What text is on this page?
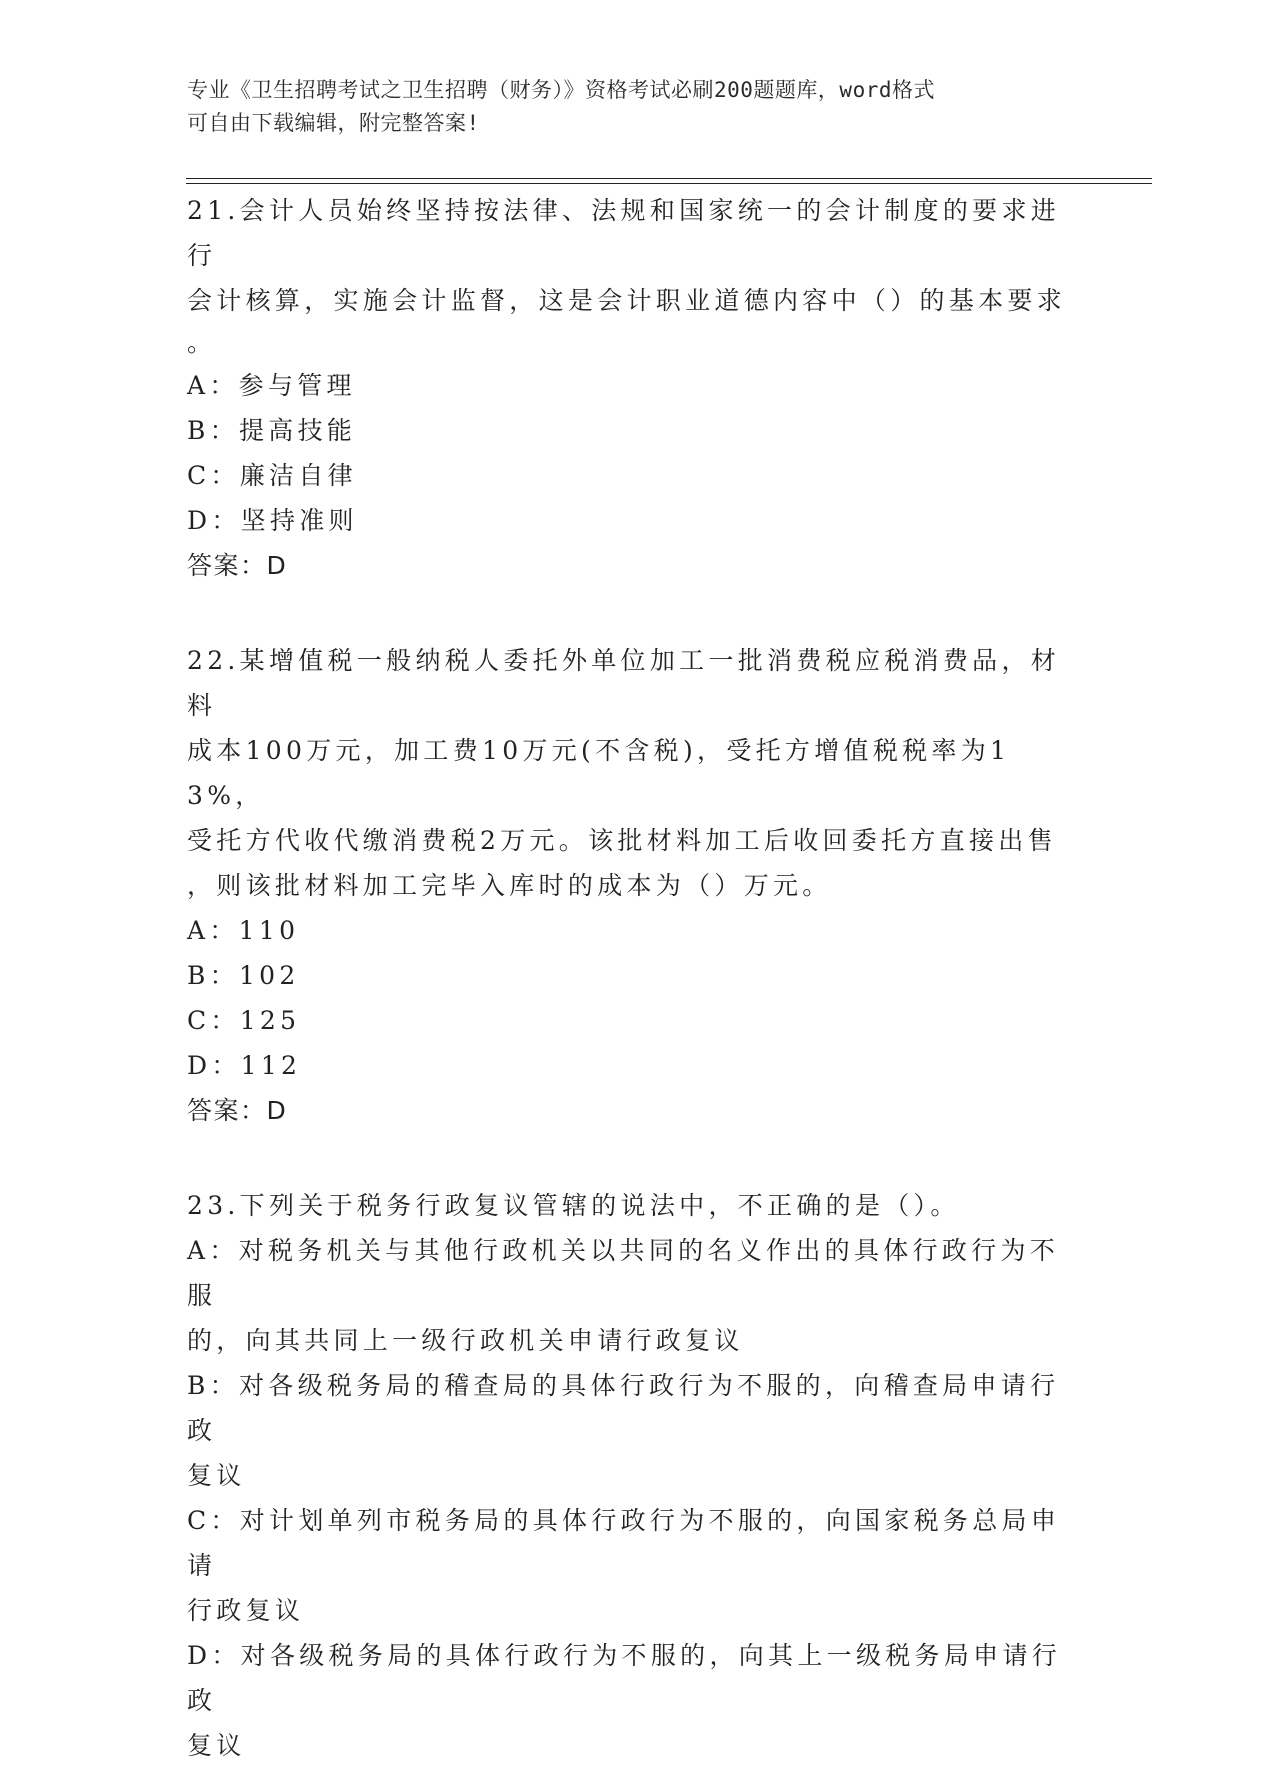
专业《卫生招聘考试之卫生招聘（财务）》资格考试必刷200题题库，word格式
可自由下载编辑，附完整答案!

21.会计人员始终坚持按法律、法规和国家统一的会计制度的要求进行

会计核算，实施会计监督，这是会计职业道德内容中（）的基本要求

。

A：参与管理

B：提高技能

C：廉洁自律

D：坚持准则

答案：D

22.某增值税一般纳税人委托外单位加工一批消费税应税消费品，材料

成本100万元，加工费10万元(不含税)，受托方增值税税率为13%，

受托方代收代缴消费税2万元。该批材料加工后收回委托方直接出售

，则该批材料加工完毕入库时的成本为（）万元。

A：110

B：102

C：125

D：112

答案：D

23.下列关于税务行政复议管辖的说法中，不正确的是（）。

A：对税务机关与其他行政机关以共同的名义作出的具体行政行为不服

的，向其共同上一级行政机关申请行政复议

B：对各级税务局的稽查局的具体行政行为不服的，向稽查局申请行政

复议

C：对计划单列市税务局的具体行政行为不服的，向国家税务总局申请

行政复议

D：对各级税务局的具体行政行为不服的，向其上一级税务局申请行政

复议
